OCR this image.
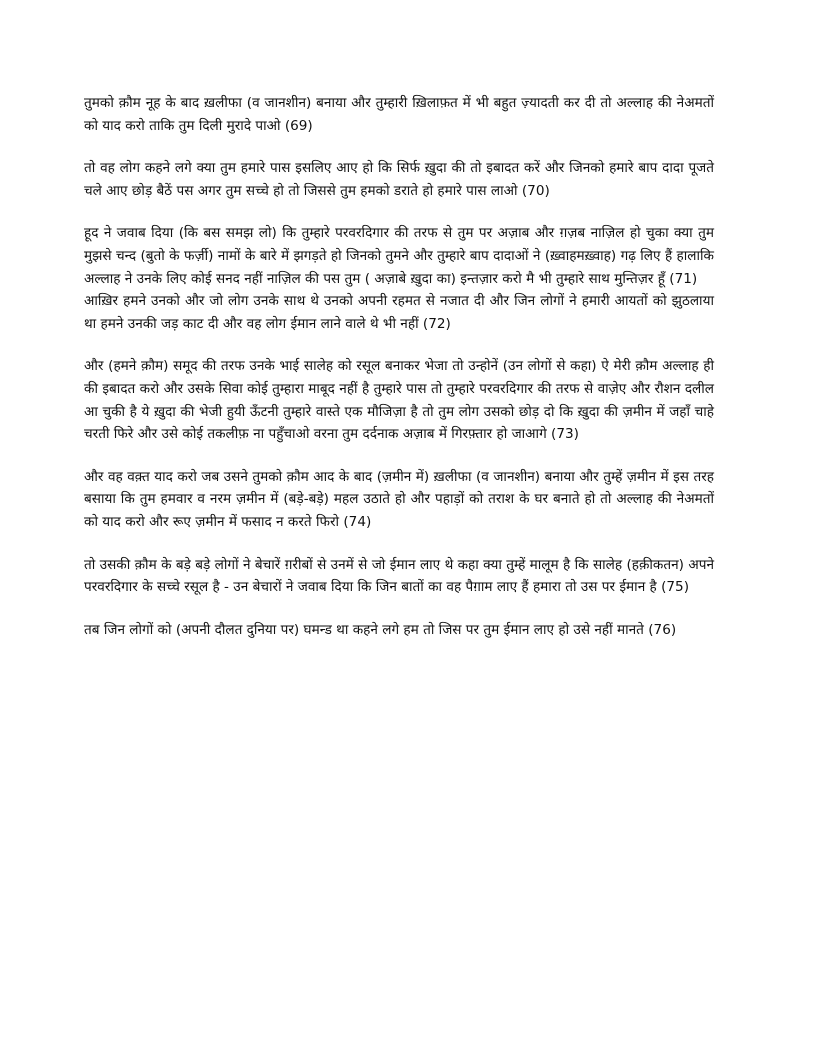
तुमको क़ौम नूह के बाद ख़लीफा (व जानशीन) बनाया और तुम्हारी ख़िलाफ़त में भी बहुत ज़्यादती कर दी तो अल्लाह की नेअमतों को याद करो ताकि तुम दिली मुरादे पाओ (69)

तो वह लोग कहने लगे क्या तुम हमारे पास इसलिए आए हो कि सिर्फ ख़ुदा की तो इबादत करें और जिनको हमारे बाप दादा पूजते चले आए छोड़ बैठें पस अगर तुम सच्चे हो तो जिससे तुम हमको डराते हो हमारे पास लाओ (70)

हूद ने जवाब दिया (कि बस समझ लो) कि तुम्हारे परवरदिगार की तरफ से तुम पर अज़ाब और ग़ज़ब नाज़िल हो चुका क्या तुम मुझसे चन्द (बुतो के फर्ज़ी) नामों के बारे में झगड़ते हो जिनको तुमने और तुम्हारे बाप दादाओं ने (ख़्वाहमख़्वाह) गढ़ लिए हैं हालाकि अल्लाह ने उनके लिए कोई सनद नहीं नाज़िल की पस तुम ( अज़ाबे ख़ुदा का) इन्तज़ार करो मै भी तुम्हारे साथ मुन्तिज़र हूँ (71)

आख़िर हमने उनको और जो लोग उनके साथ थे उनको अपनी रहमत से नजात दी और जिन लोगों ने हमारी आयतों को झुठलाया था हमने उनकी जड़ काट दी और वह लोग ईमान लाने वाले थे भी नहीं (72)

और (हमने क़ौम) समूद की तरफ उनके भाई सालेह को रसूल बनाकर भेजा तो उन्होनें (उन लोगों से कहा) ऐ मेरी क़ौम अल्लाह ही की इबादत करो और उसके सिवा कोई तुम्हारा माबूद नहीं है तुम्हारे पास तो तुम्हारे परवरदिगार की तरफ से वाज़ेए और रौशन दलील आ चुकी है ये ख़ुदा की भेजी हुयी ऊँटनी तुम्हारे वास्ते एक मौजिज़ा है तो तुम लोग उसको छोड़ दो कि ख़ुदा की ज़मीन में जहाँ चाहे चरती फिरे और उसे कोई तकलीफ़ ना पहुँचाओ वरना तुम दर्दनाक अज़ाब में गिरफ़्तार हो जाआगे (73)

और वह वक़्त याद करो जब उसने तुमको क़ौम आद के बाद (ज़मीन में) ख़लीफा (व जानशीन) बनाया और तुम्हें ज़मीन में इस तरह बसाया कि तुम हमवार व नरम ज़मीन में (बड़े-बड़े) महल उठाते हो और पहाड़ों को तराश के घर बनाते हो तो अल्लाह की नेअमतों को याद करो और रूए ज़मीन में फसाद न करते फिरो (74)

तो उसकी क़ौम के बड़े बड़े लोगों ने बेचारें ग़रीबों से उनमें से जो ईमान लाए थे कहा क्या तुम्हें मालूम है कि सालेह (हक़ीकतन) अपने परवरदिगार के सच्चे रसूल है - उन बेचारों ने जवाब दिया कि जिन बातों का वह पैग़ाम लाए हैं हमारा तो उस पर ईमान है (75)

तब जिन लोगों को (अपनी दौलत दुनिया पर) घमन्ड था कहने लगे हम तो जिस पर तुम ईमान लाए हो उसे नहीं मानते (76)
